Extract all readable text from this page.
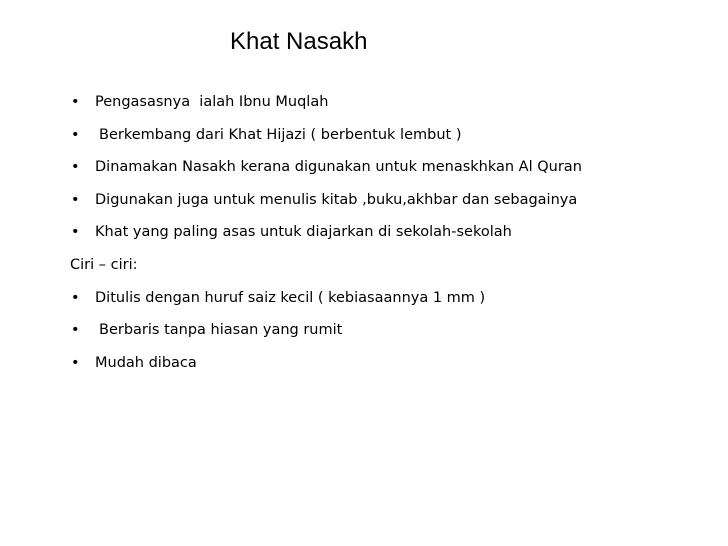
Khat Nasakh
• Pengasasnya  ialah Ibnu Muqlah
• Berkembang dari Khat Hijazi ( berbentuk lembut )
• Dinamakan Nasakh kerana digunakan untuk menaskhkan Al Quran
• Digunakan juga untuk menulis kitab ,buku,akhbar dan sebagainya
• Khat yang paling asas untuk diajarkan di sekolah-sekolah
Ciri – ciri:
• Ditulis dengan huruf saiz kecil ( kebiasaannya 1 mm )
• Berbaris tanpa hiasan yang rumit
• Mudah dibaca
